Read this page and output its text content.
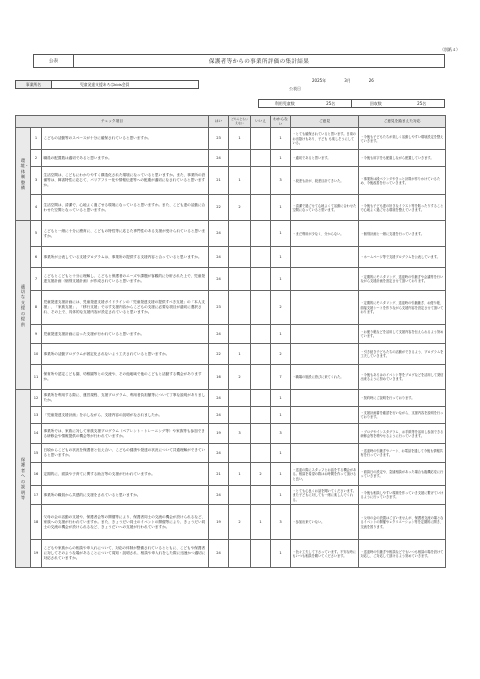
（別紙４）
公表	保護者等からの事業所評価の集計結果
事業所名	児童発達支援あろはkids会員
2025年	3月	26
公表日
利用児童数	25名	回収数	25名
チェック項目			はい	どちらともいえない	いいえ	わからない	ご意見	ご意見を踏まえた対応
環境・体制整備	1	こどもの活動等のスペースが十分に確保されていると思いますか。	23	1		1	・とても確保されていると思います。日頃のお出掛けもあり、子ども も楽しそうにしている。	・今後も子どもたちが楽しく活動しやすい環境設定を整えていきます。
	2	職員の配置数は適切であると思いますか。	24			1	・適切であると思います。	・今後も用字をも配慮しながら配置していきます。
	3	生活空間は、こどもにわかりやすく構造化された環境になっていると思いますか。また、事業所の設備等は、障害特性に応じて、バリアフリー化や情報伝達等への配慮が適切になされていると思いますか。	21	1		3	・段差も計が、段差目計てきいた。	・事業所は段ベランダやきっと計算が作りかけているため、今後改善を行っていきます。
	4	生活空間は、清潔で、心地よく過ごせる環境になっていると思いますか。また、こども達の活動に合わせた空間となっていると思いますか。	22	2		1	・清潔で過ごせて心地よくて活動に合わせた空間になっていると思います。	・今後も子ども達の好きなイラスト等を貼ったりすることで心地よく過ごせる環境を整えていきます。
適切な支援の提供	5	こどもと一緒に十分に療育に、こどもの特性等に応じた専門性のある支援が受けられていると思いますか。	24			1	・まだ利用が少なく、分からない。	・個別計画と一緒に支援を行っていきます。
	6	事業所が公表している支援プログラムは、事業所の提供する支援内容と合っていると思いますか。	24			1		・ホームページ等で支援プログラムを公表しています。
	7	こどもとこどもと十分に理解し、こどもと保護者のニーズや課題が客観的に分析された上で、児童発達支援計画（個別支援計画）が作成されていると思いますか。	24			1		・定期的にモニタリング、送迎時の引継ぎや会議等を行いながら支援計画を設定させて頂いております。
	8	児童発達支援計画には、児童発達支援ガイドラインの「児童発達支援の提供すべき支援」の「本人支援」、「家族支援」、「移行支援」で示す支援内容からこどもの支援に必要な項目が適切に選択され、その上で、具体的な支援内容が設定されていると思いますか。	23			2		・定期的にモニタリング、送迎時の引継継ぎ、お便り帳、面接支援シートを作りながら支援内容を設定させて頂いております。
	9	児童発達支援計画に沿った支援が行われていると思いますか。	24			1		・お便り帳などを活用して支援内容を伝えられるよう努めています。
	10	事業所の活動プログラムが固定化されないよう工夫されていると思いますか。	22	1		2		・引き続き子どもたちの活動ができるよう、プログラムを工夫していきます。
	11	保育所や認定こども園、幼稚園等との交流や、その他地域で他のこどもと活動する機会がありますか。	16	2		7	・職場の施設に遊びに来てくれた。	・今後もあろはのイベント等をブログなどを活用して発信出来るように努めていきます。
保護者への説明等	12	事業所を利用する際に、運営規程、支援プログラム、利用者負担額等について丁寧な説明がありましたか。	24			1		・契約時にご説明を行っております。
	13	「児童発達支援計画」を示しながら、支援内容の説明がなされましたか。	24			1		・支援計画書を確認を行いながら、支援内容を説明を行っております。
	14	事業所では、家族に対して家族支援プログラム（ペアレント・トレーニング等）や家族等も参加できる研修会や情報提供の機会等が行われていますか。	19	3		3		・ブログやインスタグラム、お手紙等を活用し参加できる研修会等を増やせるように行っていきます。
	15	日頃からこどもの状況を保護者と伝え合い、こどもの健康や発達の状況について共通理解ができていると思いますか。	24			1		・送迎時の引継ぎやノート、お電話を通して今後も情報共有を行っていきます。
	16	定期的に、面談や子育てに関する助言等の支援が行われていますか。	21	1	2	1	・送迎の際にスタッフとお話をする機会がある。相談を希望の際はお時間を作って頂けると良い。	・面談日の設定や、急遽相談があった場合も臨機応変に行っていきます。
	17	事業所の職員から共感的に支援をされていると思いますか。	24			1	・とても心良くお話を聞いてくださいます。また子どもに対しても一緒に楽しんでくれる。	・今後も相談しやすい環境を作っていき支援に繋げていけるように行っていきます。
	18	父母の会の活動の支援や、保護者会等の開催等により、保護者同士の交流の機会が設けられるなど、家族への支援が行われていますか。また、きょうだい同士のイベントの開催等により、きょうだい同士の交流の機会が設けられるなど、きょうだいへの支援が行われていますか。	19	2	1	3	・参加出来ていない。	・父母の会の設置はございませんが、保護者交流の場となるイベントの開催やレクリエーション等を定期的に開き、交流を図ります。
	19	こどもや家族からの相談や申入れについて、対応の体制が整備されているとともに、こどもや保護者に対してそのような場があることについて周知・説明され、相談や申入れをした際に迅速かつ適切に対応されていますか。	24			1	・色々工夫して下さっています。不安な時にもいつも相談を聞いてくださいます。	・送迎時の引継ぎや相談などでもいつも相談の場を設けて対応し、ご対応して頂けるよう努めていきます。
